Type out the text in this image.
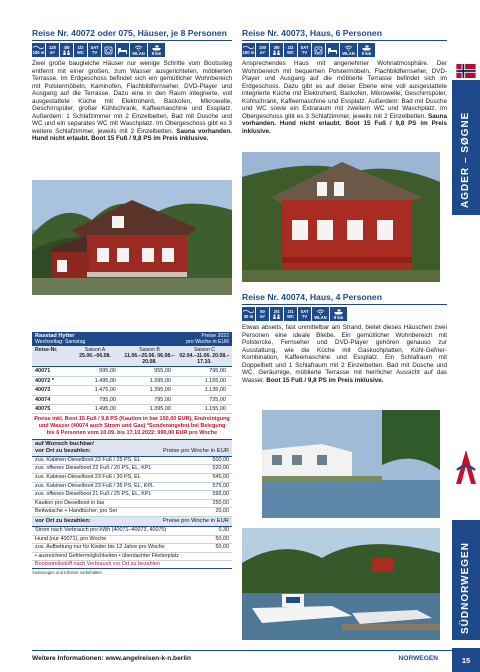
Reise Nr. 40072 oder 075, Häuser, je 8 Personen
100 m
120
m²
4/8 1/2
WC
SAT
TV	WLAN 9 km
Zwei große baugleiche Häuser nur wenige Schritte vom Bootssteg entfernt mit einer großen, zum Wasser ausgerichteten, möblierten Terrasse. Im Erdgeschoss befindet sich ein gemütlicher Wohnbereich mit Polstermöbeln, Kaminofen, Flachbildfernseher, DVD-Player und Ausgang auf die Terrasse. Dazu eine in den Raum integrierte, voll ausgestattete Küche mit Elektroherd, Backofen, Mikrowelle, Geschirrspüler, großer Kühlschrank, Kaffeemaschine und Essplatz. Außerdem: 1 Schlafzimmer mit 2 Einzelbetten, Bad mit Dusche und WC und ein separates WC mit Waschplatz. Im Obergeschoss gibt es 3 weitere Schlafzimmer, jeweils mit 2 Einzelbetten. Sauna vorhanden. Hund nicht erlaubt. Boot 15 Fuß / 9,8 PS im Preis inklusive.
Reise Nr. 40073, Haus, 6 Personen
100 m
100
m²
3/6 1/2
WC
SAT
TV	WLAN 9 km
Ansprechendes Haus mit angenehmer Wohnatmosphäre. Der Wohnbereich mit bequemen Polstermöbeln, Flachbildfernseher, DVD-Player und Ausgang auf die möblierte Terrasse befindet sich im Erdgeschoss. Dazu gibt es auf dieser Ebene eine voll ausgestattete integrierte Küche mit Elektroherd, Backofen, Mikrowelle, Geschirrspüler, Kühlschrank, Kaffeemaschine und Essplatz. Außerdem: Bad mit Dusche und WC sowie ein Extraraum mit zweitem WC und Waschplatz. Im Obergeschoss gibt es 3 Schlafzimmer, jeweils mit 2 Einzelbetten. Sauna vorhanden. Hund nicht erlaubt. Boot 15 Fuß / 9,8 PS im Preis inklusive.
Reise Nr. 40074, Haus, 4 Personen
30 m
50
m²
2/4 1/1
WC
SAT
TV WLAN 9 km
Etwas abseits, fast unmittelbar am Strand, bietet dieses Häuschen zwei Personen eine ideale Bleibe. Ein gemütlicher Wohnbereich mit Polstercke, Fernseher und DVD-Player gehören genauso zur Ausstattung, wie die Küche mit Gaskochplatten, Kühl-Gefrier-Kombination, Kaffeemaschine und Essplatz. Ein Schlafraum mit Doppelbett und 1 Schlafraum mit 2 Einzelbetten. Bad mit Dusche und WC. Geräumige, möblierte Terrasse mit herrlicher Aussicht auf das Wasser. Boot 15 Fuß / 9,8 PS im Preis inklusive.
Rasstad Hytter
Wechseltag: Samstag
Preise 2022
pro Woche in EUR
Reise-Nr.	Saison A
25.06.–06.08.
Saison B
11.06.–25.06. 06.08.–20.08.
Saison C
02.04.–11.06. 20.08.–17.10.
40071	995,00	955,00	795,00
40072 *	1.495,00	1.395,00	1.155,00
40073	1.475,00	1.395,00	1.135,00
40074	795,00	795,00	725,00
40075	1.495,00	1.395,00	1.155,00
Preise inkl. Boot 15 Fuß / 9,8 PS (Kaution in bar 150,00 EUR), Endreinigung und Wasser (40074 auch Strom und Gas) *Sonderangebot bei Belegung bis 6 Personen vom 10.09. bis 17.10.2022: 990,00 EUR pro Woche
auf Wunsch buchbar/
vor Ort zu bezahlen:	Preise pro Woche in EUR
zus. Kabinen-Dieselboot 23 Fuß / 25 PS, EL	500,00
zus. offenes Dieselboot 22 Fuß / 20 PS, EL, KPL	520,00
zus. Kabinen-Dieselboot 23 Fuß / 30 PS, EL	545,00
zus. Kabinen-Dieselboot 23 Fuß / 35 PS, EL, KPL	575,00
zus. offenes Dieselboot 21 Fuß / 25 PS, EL, KPL	595,00
Kaution pro Dieselboot in bar	250,00
Bettwäsche + Handtücher, pro Set	20,00
vor Ort zu bezahlen:	Preise pro Woche in EUR
Strom nach Verbrauch pro kWh (40071–40073, 40075)	0,30
Hund (nur 40071), pro Woche	50,00
zus. Aufbettung nur für Kinder bis 12 Jahre pro Woche	50,00
• ausreichend Gefriermöglichkeiten • überdachter Filetierplatz
Bootsstreibstoff nach Verbrauch vor Ort zu bezahlen
Änderungen und Irrtümer vorbehalten.
AGDER – SØGNE
SÜDNORWEGEN
Weitere Informationen: www.angelreisen-k-n.berlin	NORWEGEN	15
